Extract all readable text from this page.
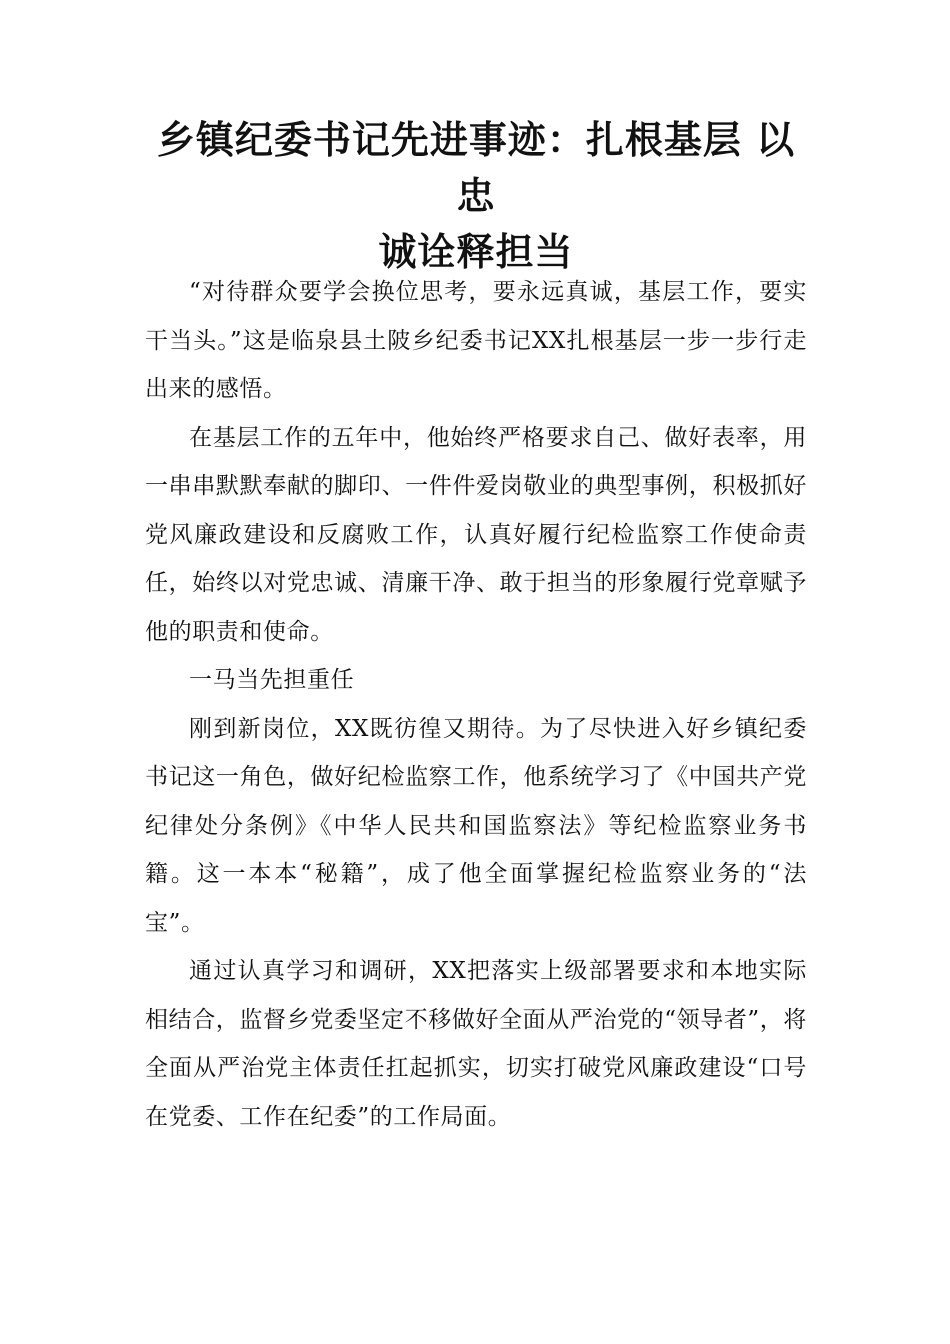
乡镇纪委书记先进事迹：扎根基层 以忠
诚诠释担当

“对待群众要学会换位思考，要永远真诚，基层工作，要实干当头。”这是临泉县土陂乡纪委书记XX扎根基层一步一步行走出来的感悟。

在基层工作的五年中，他始终严格要求自己、做好表率，用一串串默默奉献的脚印、一件件爱岗敬业的典型事例，积极抓好党风廉政建设和反腐败工作，认真好履行纪检监察工作使命责任，始终以对党忠诚、清廉干净、敢于担当的形象履行党章赋予他的职责和使命。

一马当先担重任

刚到新岗位，XX既彷徨又期待。为了尽快进入好乡镇纪委书记这一角色，做好纪检监察工作，他系统学习了《中国共产党纪律处分条例》《中华人民共和国监察法》等纪检监察业务书籍。这一本本“秘籍”，成了他全面掌握纪检监察业务的“法宝”。

通过认真学习和调研，XX把落实上级部署要求和本地实际相结合，监督乡党委坚定不移做好全面从严治党的“领导者”，将全面从严治党主体责任扛起抓实，切实打破党风廉政建设“口号在党委、工作在纪委”的工作局面。
